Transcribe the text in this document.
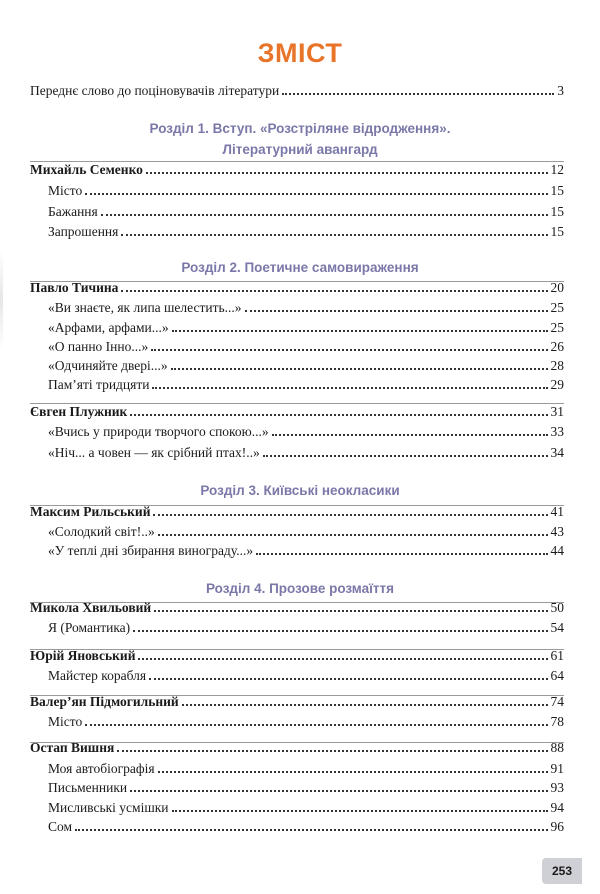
ЗМІСТ
Переднє слово до поціновувачів літератури	3
Розділ 1. Вступ. «Розстріляне відродження».
Літературний авангард
Михайль Семенко	12
Місто	15
Бажання	15
Запрошення	15
Розділ 2. Поетичне самовираження
Павло Тичина	20
«Ви знаєте, як липа шелестить...»	25
«Арфами, арфами...»	25
«О панно Інно...»	26
«Одчиняйте двері...»	28
Пам’яті тридцяти	29
Євген Плужник	31
«Вчись у природи творчого спокою...»	33
«Ніч... а човен — як срібний птах!..»	34
Розділ 3. Київські неокласики
Максим Рильський	41
«Солодкий світ!..»	43
«У теплі дні збирання винограду...»	44
Розділ 4. Прозове розмаїття
Микола Хвильовий	50
Я (Романтика)	54
Юрій Яновський	61
Майстер корабля	64
Валер’ян Підмогильний	74
Місто	78
Остап Вишня	88
Моя автобіографія	91
Письменники	93
Мисливські усмішки	94
Сом	96
253
